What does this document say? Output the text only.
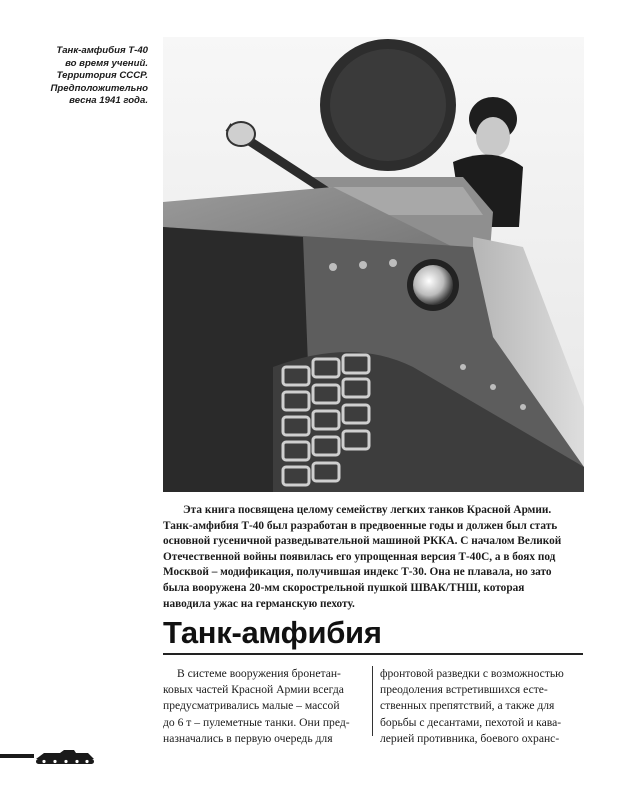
Танк-амфибия Т-40
во время учений.
Территория СССР.
Предположительно
весна 1941 года.
Эта книга посвящена целому семейству легких танков Красной Армии.
Танк-амфибия Т-40 был разработан в предвоенные годы и должен был стать
основной гусеничной разведывательной машиной РККА. С началом Великой
Отечественной войны появилась его упрощенная версия Т-40С, а в боях под
Москвой – модификация, получившая индекс Т-30. Она не плавала, но зато
была вооружена 20-мм скорострельной пушкой ШВАК/ТНШ, которая
наводила ужас на германскую пехоту.
Танк-амфибия
В системе вооружения бронетан-
ковых частей Красной Армии всегда
предусматривались малые – массой
до 6 т – пулеметные танки. Они пред-
назначались в первую очередь для
фронтовой разведки с возможностью
преодоления встретившихся есте-
ственных препятствий, а также для
борьбы с десантами, пехотой и кава-
лерией противника, боевого охранс-
